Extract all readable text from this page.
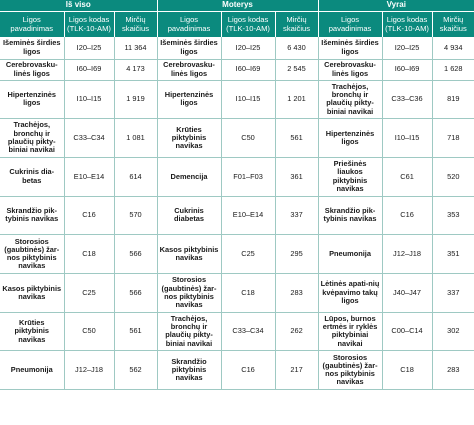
Iš viso			Moterys			Vyrai		
Ligos pavadinimas	Ligos kodas (TLK-10-AM)	Mirčių skaičius	Ligos pavadinimas	Ligos kodas (TLK-10-AM)	Mirčių skaičius	Ligos pavadinimas	Ligos kodas (TLK-10-AM)	Mirčių skaičius
Išeminės širdies ligos	I20–I25	11 364	Išeminės širdies ligos	I20–I25	6 430	Išeminės širdies ligos	I20–I25	4 934
Cerebrovasku-linės ligos	I60–I69	4 173	Cerebrovasku-linės ligos	I60–I69	2 545	Cerebrovasku-linės ligos	I60–I69	1 628
Hipertenzinės ligos	I10–I15	1 919	Hipertenzinės ligos	I10–I15	1 201	Trachėjos, bronchų ir plaučių pikty-biniai navikai	C33–C36	819
Trachėjos, bronchų ir plaučių pikty-biniai navikai	C33–C34	1 081	Krūties piktybinis navikas	C50	561	Hipertenzinės ligos	I10–I15	718
Cukrinis dia-betas	E10–E14	614	Demencija	F01–F03	361	Priešinės liaukos piktybinis navikas	C61	520
Skrandžio pik-tybinis navikas	C16	570	Cukrinis diabetas	E10–E14	337	Skrandžio pik-tybinis navikas	C16	353
Storosios (gaubtinės) žar-nos piktybinis navikas	C18	566	Kasos piktybinis navikas	C25	295	Pneumonija	J12–J18	351
Kasos piktybinis navikas	C25	566	Storosios (gaubtinės) žar-nos piktybinis navikas	C18	283	Lėtinės apati-nių kvėpavimo takų ligos	J40–J47	337
Krūties piktybinis navikas	C50	561	Trachėjos, bronchų ir plaučių pikty-biniai navikai	C33–C34	262	Lūpos, burnos ertmės ir ryklės piktybiniai navikai	C00–C14	302
Pneumonija	J12–J18	562	Skrandžio piktybinis navikas	C16	217	Storosios (gaubtinės) žar-nos piktybinis navikas	C18	283
